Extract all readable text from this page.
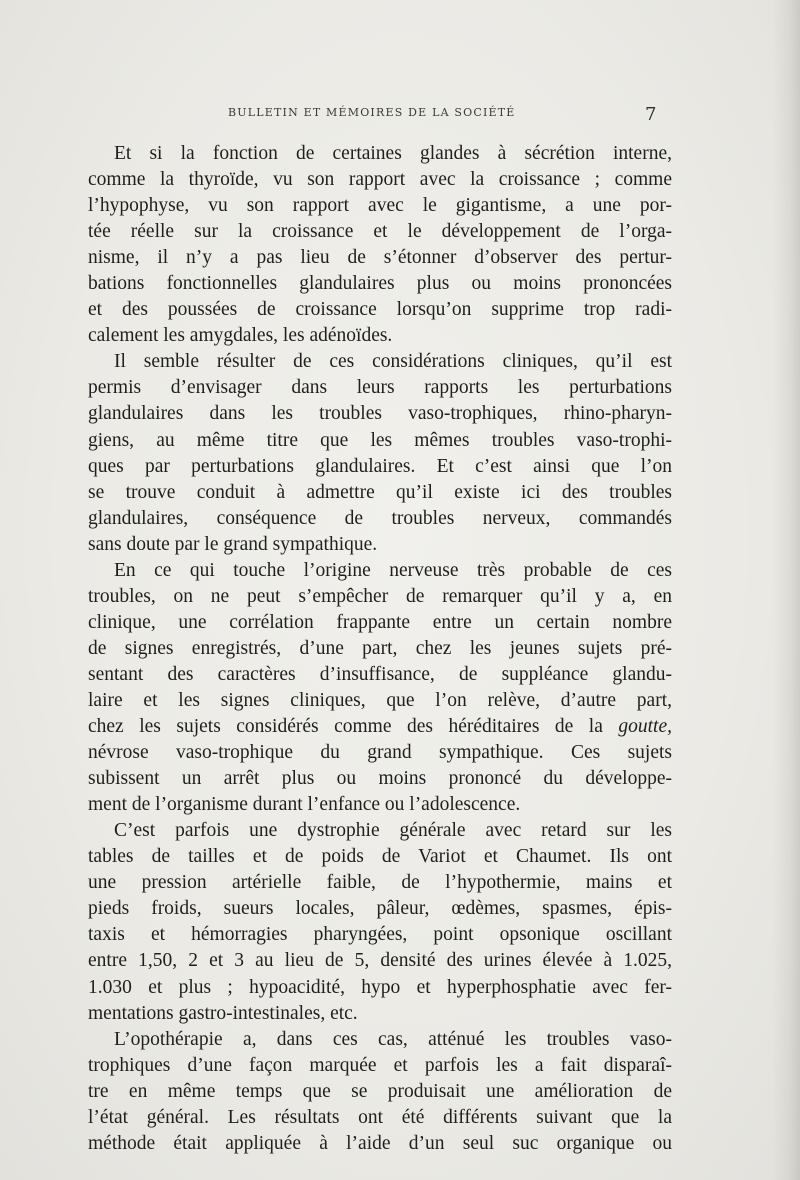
BULLETIN ET MÉMOIRES DE LA SOCIÉTÉ	7
Et si la fonction de certaines glandes à sécrétion interne,
comme la thyroïde, vu son rapport avec la croissance ; comme
l’hypophyse, vu son rapport avec le gigantisme, a une por-
tée réelle sur la croissance et le développement de l’orga-
nisme, il n’y a pas lieu de s’étonner d’observer des pertur-
bations fonctionnelles glandulaires plus ou moins prononcées
et des poussées de croissance lorsqu’on supprime trop radi-
calement les amygdales, les adénoïdes.
Il semble résulter de ces considérations cliniques, qu’il est
permis d’envisager dans leurs rapports les perturbations
glandulaires dans les troubles vaso-trophiques, rhino-pharyn-
giens, au même titre que les mêmes troubles vaso-trophi-
ques par perturbations glandulaires. Et c’est ainsi que l’on
se trouve conduit à admettre qu’il existe ici des troubles
glandulaires, conséquence de troubles nerveux, commandés
sans doute par le grand sympathique.
En ce qui touche l’origine nerveuse très probable de ces
troubles, on ne peut s’empêcher de remarquer qu’il y a, en
clinique, une corrélation frappante entre un certain nombre
de signes enregistrés, d’une part, chez les jeunes sujets pré-
sentant des caractères d’insuffisance, de suppléance glandu-
laire et les signes cliniques, que l’on relève, d’autre part,
chez les sujets considérés comme des héréditaires de la goutte,
névrose vaso-trophique du grand sympathique. Ces sujets
subissent un arrêt plus ou moins prononcé du développe-
ment de l’organisme durant l’enfance ou l’adolescence.
C’est parfois une dystrophie générale avec retard sur les
tables de tailles et de poids de Variot et Chaumet. Ils ont
une pression artérielle faible, de l’hypothermie, mains et
pieds froids, sueurs locales, pâleur, œdèmes, spasmes, épis-
taxis et hémorragies pharyngées, point opsonique oscillant
entre 1,50, 2 et 3 au lieu de 5, densité des urines élevée à 1.025,
1.030 et plus ; hypoacidité, hypo et hyperphosphatie avec fer-
mentations gastro-intestinales, etc.
L’opothérapie a, dans ces cas, atténué les troubles vaso-
trophiques d’une façon marquée et parfois les a fait disparaî-
tre en même temps que se produisait une amélioration de
l’état général. Les résultats ont été différents suivant que la
méthode était appliquée à l’aide d’un seul suc organique ou
